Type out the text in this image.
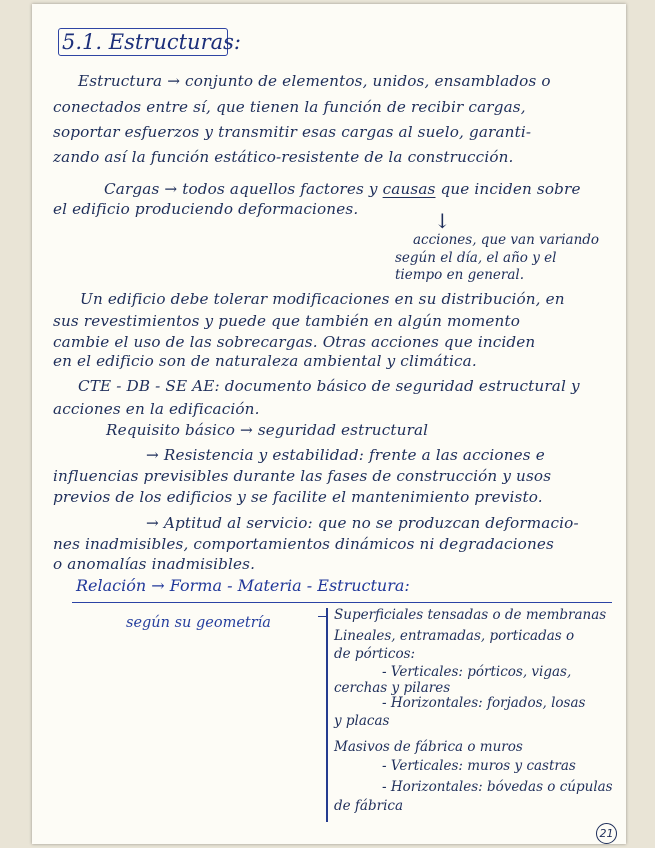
5.1. Estructuras:
Estructura → conjunto de elementos, unidos, ensamblados o
conectados entre sí, que tienen la función de recibir cargas,
soportar esfuerzos y transmitir esas cargas al suelo, garanti-
zando así la función estático-resistente de la construcción.
Cargas → todos aquellos factores y causas que inciden sobre
el edificio produciendo deformaciones.	↓
acciones, que van variando
según el día, el año y el
tiempo en general.
Un edificio debe tolerar modificaciones en su distribución, en
sus revestimientos y puede que también en algún momento
cambie el uso de las sobrecargas. Otras acciones que inciden
en el edificio son de naturaleza ambiental y climática.
CTE - DB - SE AE: documento básico de seguridad estructural y
acciones en la edificación.
Requisito básico → seguridad estructural
→ Resistencia y estabilidad: frente a las acciones e
influencias previsibles durante las fases de construcción y usos
previos de los edificios y se facilite el mantenimiento previsto.
→ Aptitud al servicio: que no se produzcan deformacio-
nes inadmisibles, comportamientos dinámicos ni degradaciones
o anomalías inadmisibles.
Relación → Forma - Materia - Estructura:
según su geometría	Superficiales tensadas o de membranas
Lineales, entramadas, porticadas o
de pórticos:
- Verticales: pórticos, vigas,
cerchas y pilares
- Horizontales: forjados, losas
y placas
Masivos de fábrica o muros
- Verticales: muros y castras
- Horizontales: bóvedas o cúpulas
de fábrica
21
